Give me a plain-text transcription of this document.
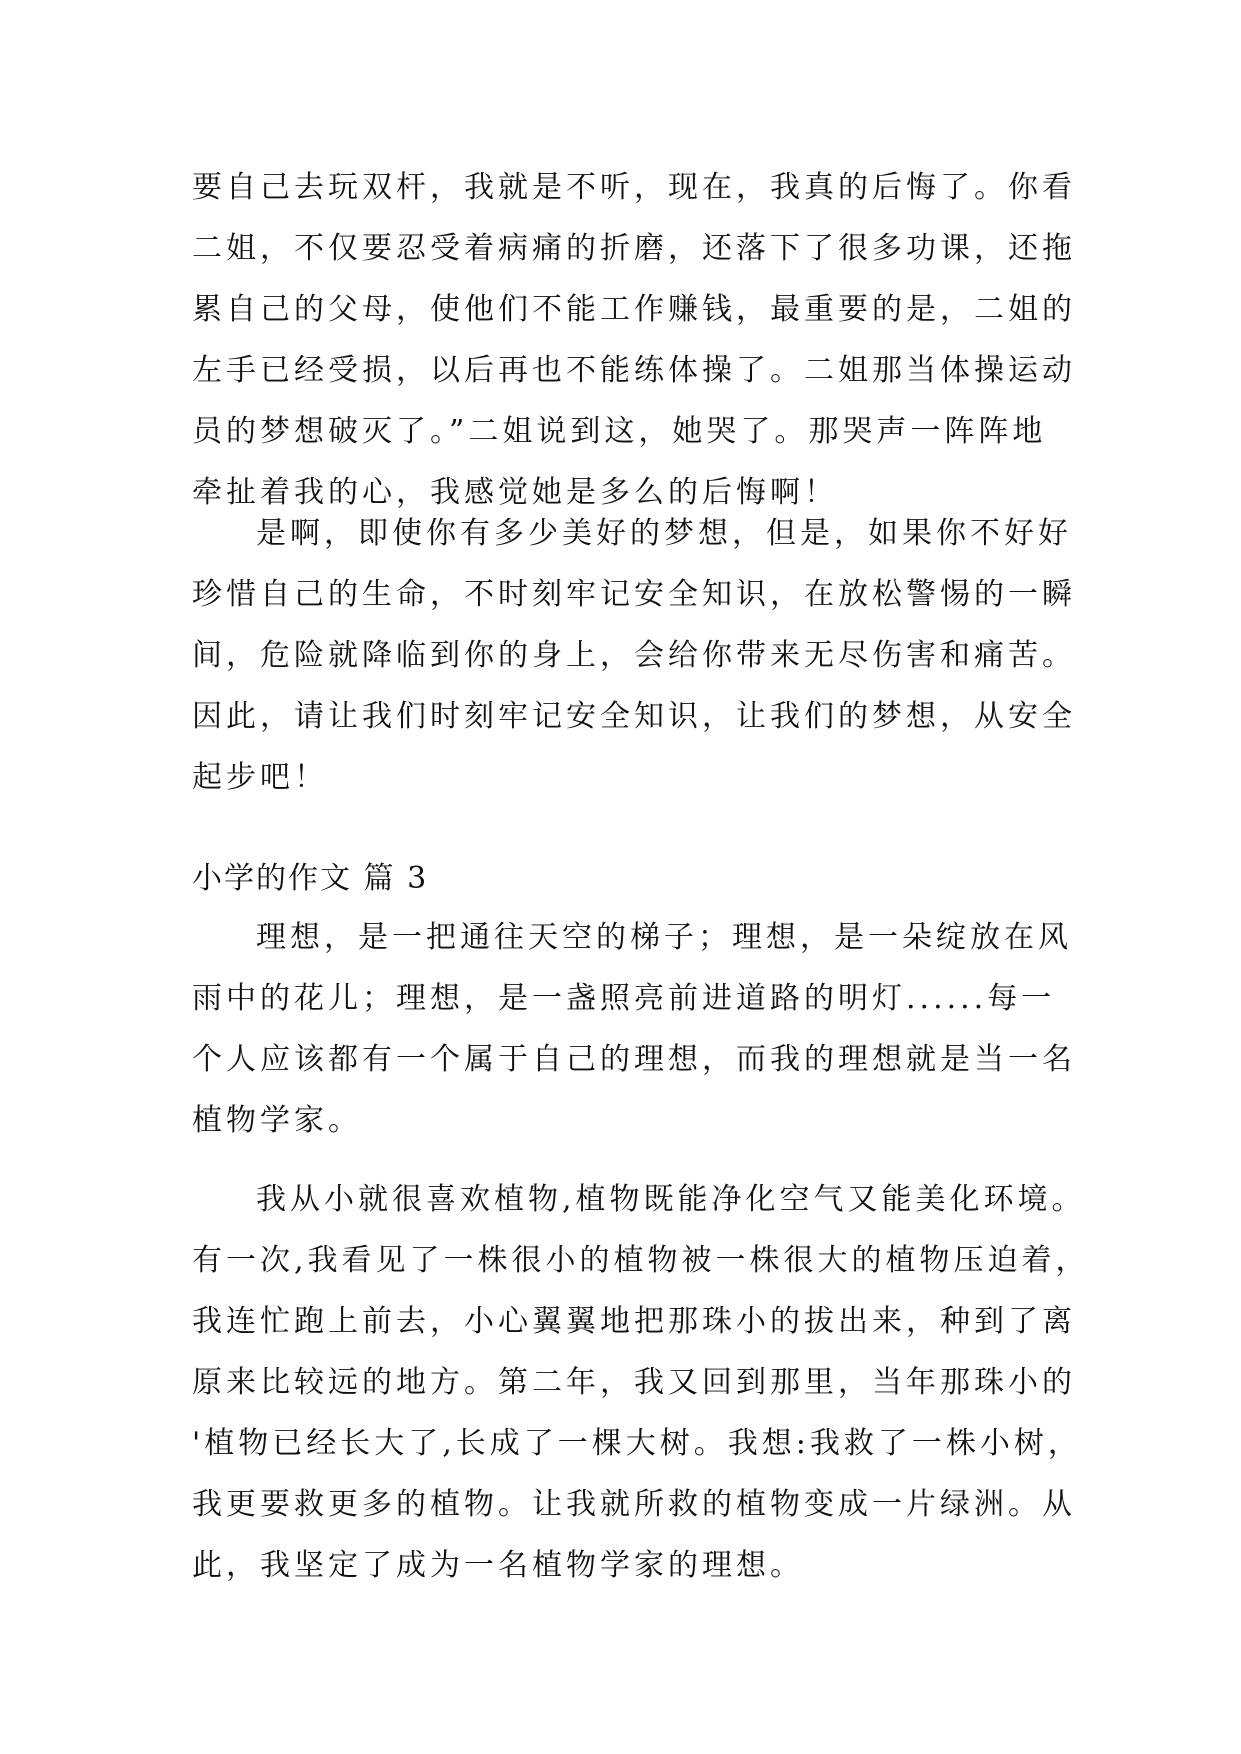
要自己去玩双杆，我就是不听，现在，我真的后悔了。你看
二姐，不仅要忍受着病痛的折磨，还落下了很多功课，还拖
累自己的父母，使他们不能工作赚钱，最重要的是，二姐的
左手已经受损，以后再也不能练体操了。二姐那当体操运动
员的梦想破灭了。”二姐说到这，她哭了。那哭声一阵阵地
牵扯着我的心，我感觉她是多么的后悔啊！
是啊，即使你有多少美好的梦想，但是，如果你不好好
珍惜自己的生命，不时刻牢记安全知识，在放松警惕的一瞬
间，危险就降临到你的身上，会给你带来无尽伤害和痛苦。
因此，请让我们时刻牢记安全知识，让我们的梦想，从安全
起步吧！
小学的作文 篇 3
理想，是一把通往天空的梯子；理想，是一朵绽放在风
雨中的花儿；理想，是一盏照亮前进道路的明灯......每一
个人应该都有一个属于自己的理想，而我的理想就是当一名
植物学家。
我从小就很喜欢植物,植物既能净化空气又能美化环境。
有一次,我看见了一株很小的植物被一株很大的植物压迫着，
我连忙跑上前去，小心翼翼地把那珠小的拔出来，种到了离
原来比较远的地方。第二年，我又回到那里，当年那珠小的
'植物已经长大了,长成了一棵大树。我想:我救了一株小树，
我更要救更多的植物。让我就所救的植物变成一片绿洲。从
此，我坚定了成为一名植物学家的理想。
